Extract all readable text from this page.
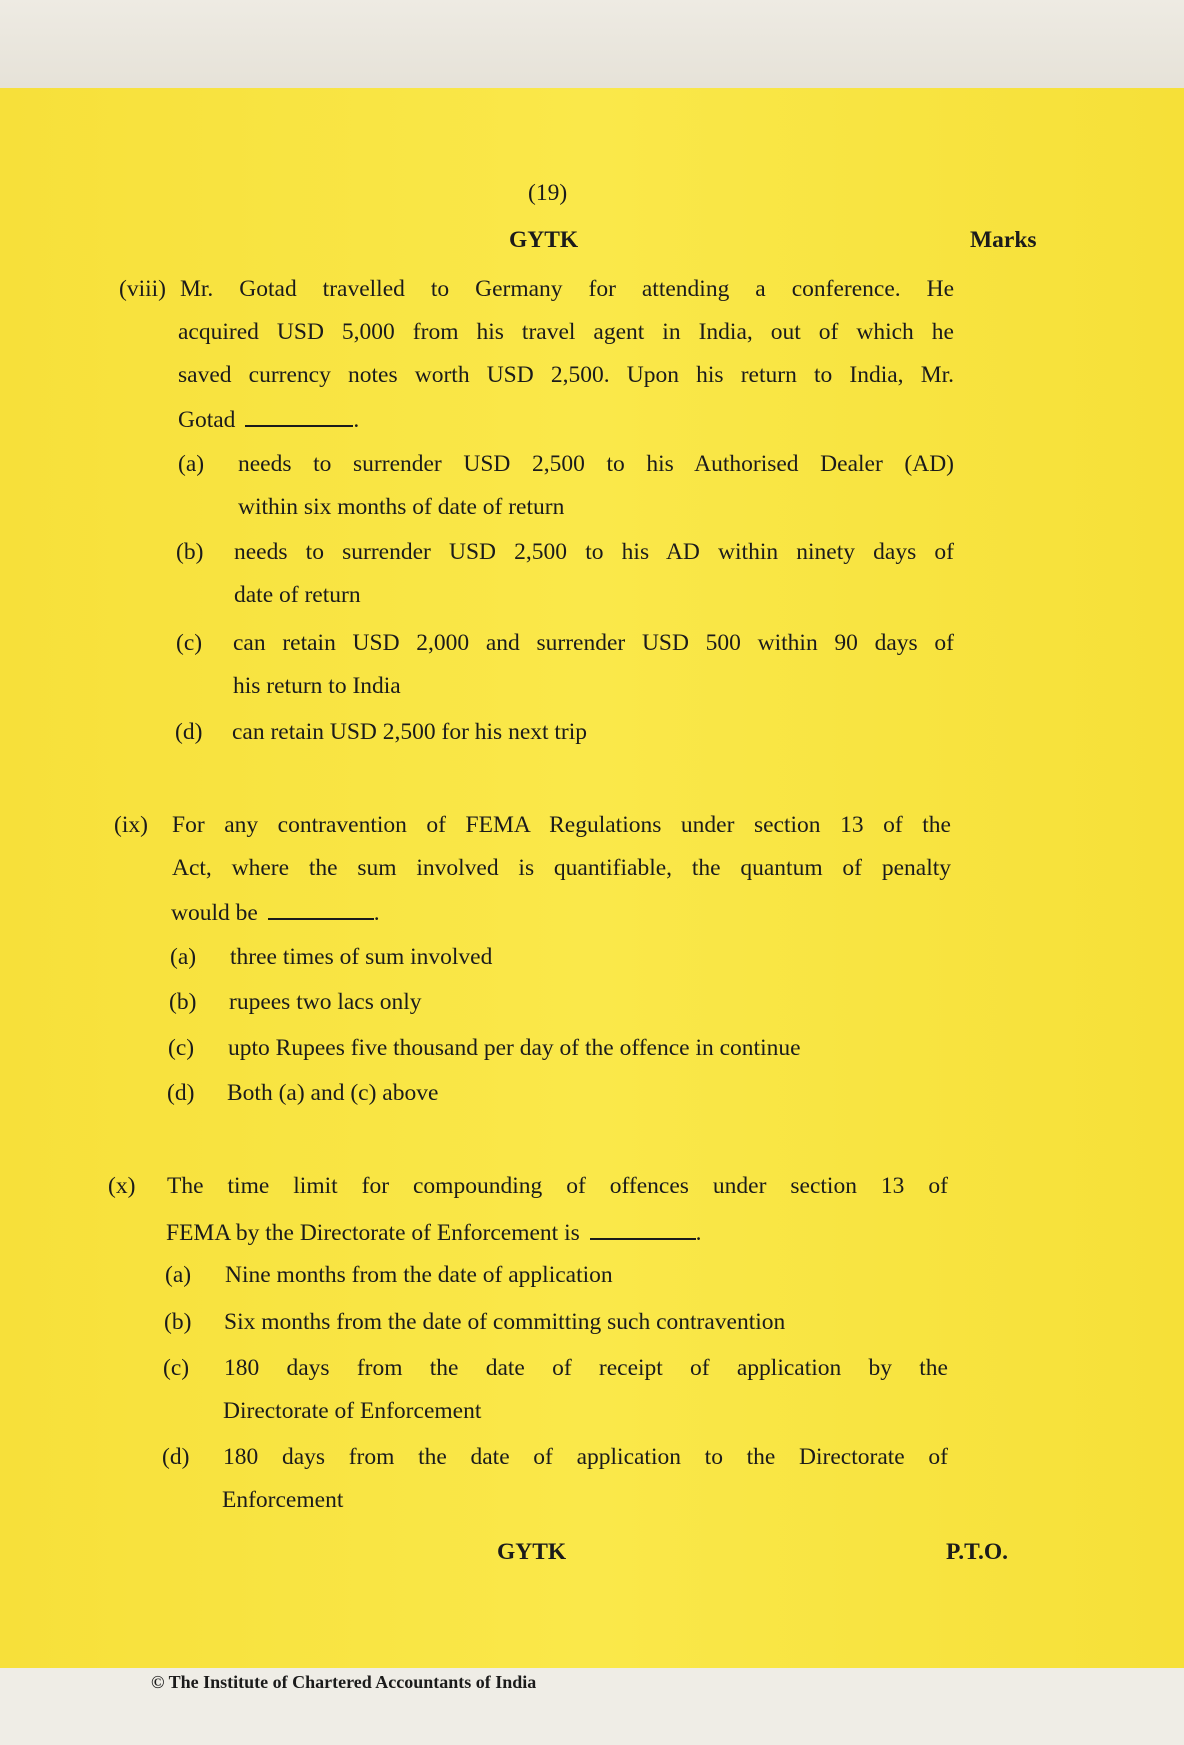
(19)
GYTK	Marks
(viii) Mr. Gotad travelled to Germany for attending a conference. He
acquired USD 5,000 from his travel agent in India, out of which he
saved currency notes worth USD 2,500. Upon his return to India, Mr.
Gotad	.
(a) needs to surrender USD 2,500 to his Authorised Dealer (AD)
within six months of date of return
(b) needs to surrender USD 2,500 to his AD within ninety days of
date of return
(c) can retain USD 2,000 and surrender USD 500 within 90 days of
his return to India
(d) can retain USD 2,500 for his next trip
(ix) For any contravention of FEMA Regulations under section 13 of the
Act, where the sum involved is quantifiable, the quantum of penalty
would be	.
(a) three times of sum involved
(b) rupees two lacs only
(c) upto Rupees five thousand per day of the offence in continue
(d) Both (a) and (c) above
(x) The time limit for compounding of offences under section 13 of
FEMA by the Directorate of Enforcement is	.
(a) Nine months from the date of application
(b) Six months from the date of committing such contravention
(c) 180 days from the date of receipt of application by the
Directorate of Enforcement
(d) 180 days from the date of application to the Directorate of
Enforcement
GYTK	P.T.O.
© The Institute of Chartered Accountants of India
